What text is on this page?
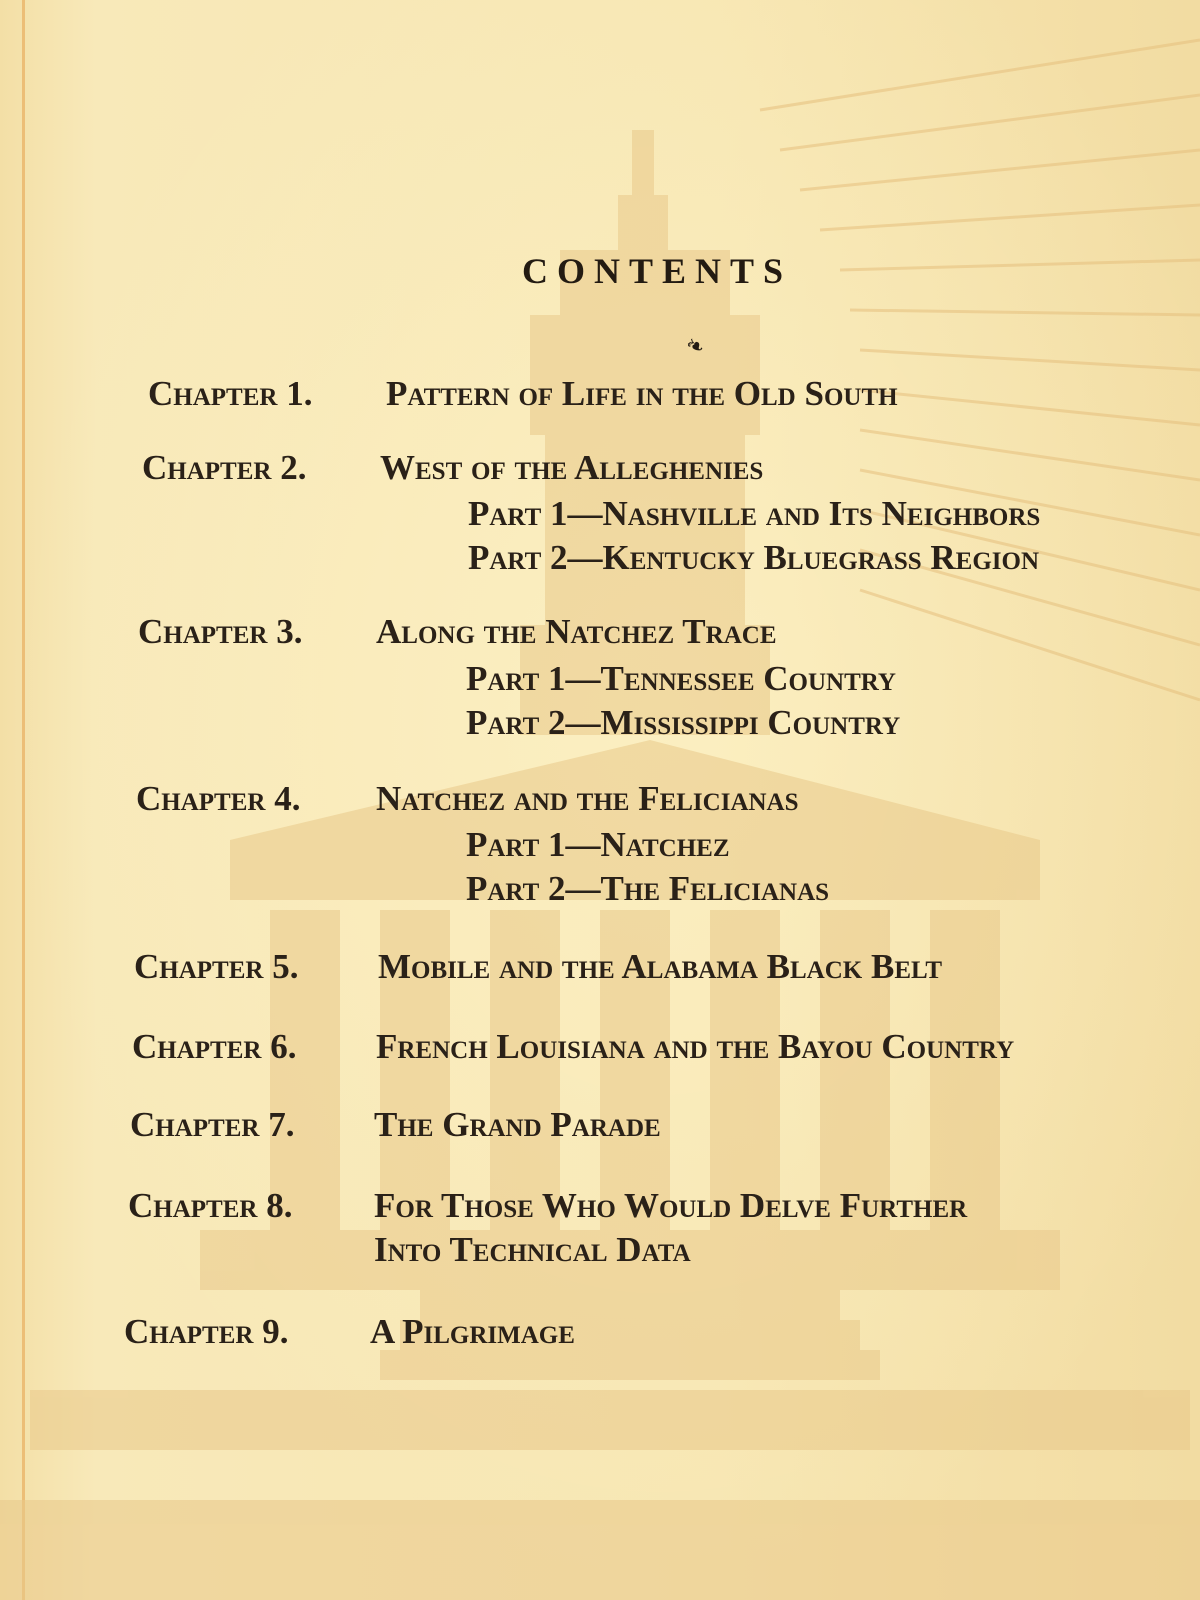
CONTENTS
❧
Chapter 1. Pattern of Life in the Old South
Chapter 2. West of the Alleghenies
Part 1—Nashville and Its Neighbors
Part 2—Kentucky Bluegrass Region
Chapter 3. Along the Natchez Trace
Part 1—Tennessee Country
Part 2—Mississippi Country
Chapter 4. Natchez and the Felicianas
Part 1—Natchez
Part 2—The Felicianas
Chapter 5. Mobile and the Alabama Black Belt
Chapter 6. French Louisiana and the Bayou Country
Chapter 7. The Grand Parade
Chapter 8. For Those Who Would Delve Further
Into Technical Data
Chapter 9. A Pilgrimage
